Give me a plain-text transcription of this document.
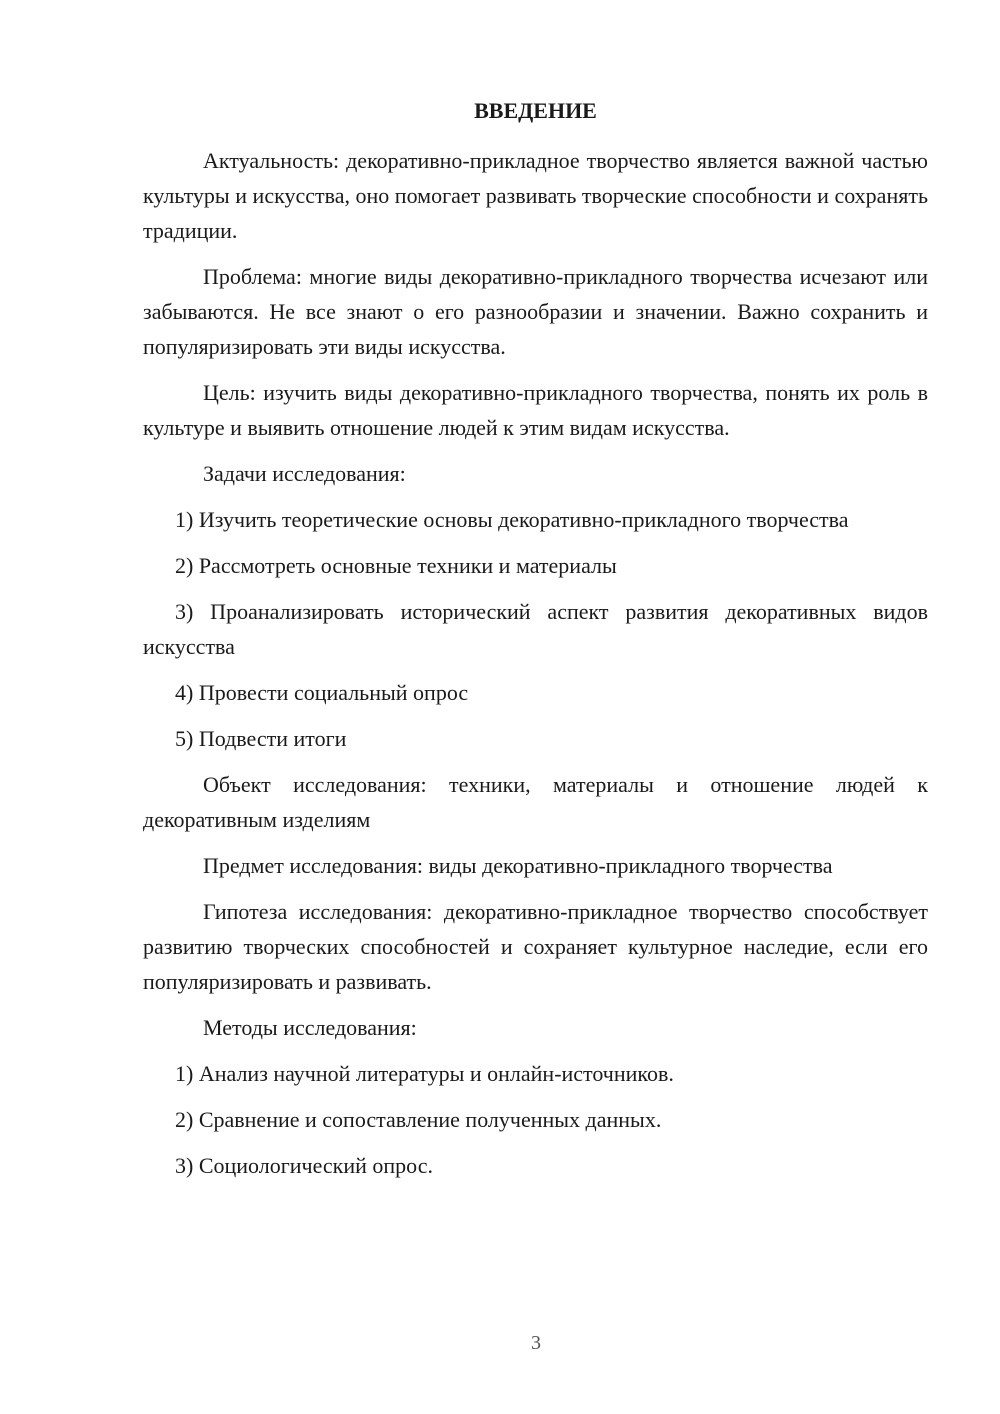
ВВЕДЕНИЕ

Актуальность: декоративно-прикладное творчество является важной частью культуры и искусства, оно помогает развивать творческие способности и сохранять традиции.

Проблема: многие виды декоративно-прикладного творчества исчезают или забываются. Не все знают о его разнообразии и значении. Важно сохранить и популяризировать эти виды искусства.

Цель: изучить виды декоративно-прикладного творчества, понять их роль в культуре и выявить отношение людей к этим видам искусства.

Задачи исследования:

1) Изучить теоретические основы декоративно-прикладного творчества

2) Рассмотреть основные техники и материалы

3) Проанализировать исторический аспект развития декоративных видов искусства

4) Провести социальный опрос

5) Подвести итоги

Объект исследования: техники, материалы и отношение людей к декоративным изделиям

Предмет исследования: виды декоративно-прикладного творчества

Гипотеза исследования: декоративно-прикладное творчество способствует развитию творческих способностей и сохраняет культурное наследие, если его популяризировать и развивать.

Методы исследования:

1) Анализ научной литературы и онлайн-источников.

2) Сравнение и сопоставление полученных данных.

3) Социологический опрос.

3
